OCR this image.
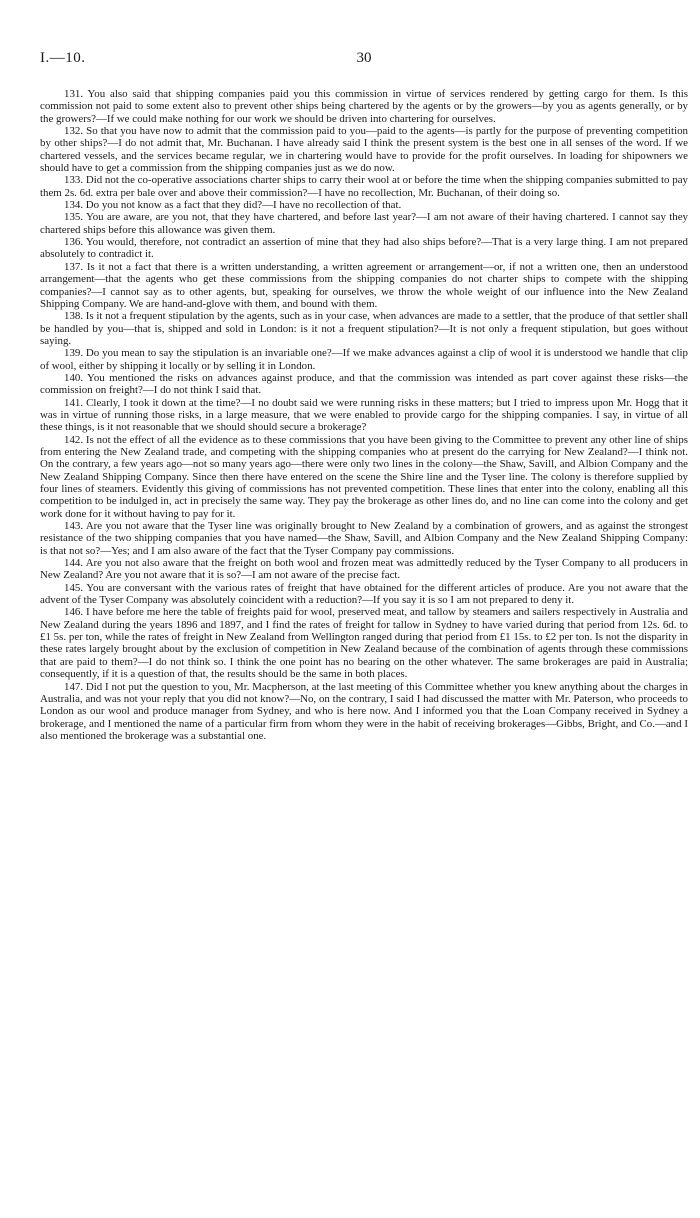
I.—10.	30

131. You also said that shipping companies paid you this commission in virtue of services rendered by getting cargo for them. Is this commission not paid to some extent also to prevent other ships being chartered by the agents or by the growers—by you as agents generally, or by the growers?—If we could make nothing for our work we should be driven into chartering for ourselves.

132. So that you have now to admit that the commission paid to you—paid to the agents—is partly for the purpose of preventing competition by other ships?—I do not admit that, Mr. Buchanan. I have already said I think the present system is the best one in all senses of the word. If we chartered vessels, and the services became regular, we in chartering would have to provide for the profit ourselves. In loading for shipowners we should have to get a commission from the shipping companies just as we do now.

133. Did not the co-operative associations charter ships to carry their wool at or before the time when the shipping companies submitted to pay them 2s. 6d. extra per bale over and above their commission?—I have no recollection, Mr. Buchanan, of their doing so.

134. Do you not know as a fact that they did?—I have no recollection of that.

135. You are aware, are you not, that they have chartered, and before last year?—I am not aware of their having chartered. I cannot say they chartered ships before this allowance was given them.

136. You would, therefore, not contradict an assertion of mine that they had also ships before?—That is a very large thing. I am not prepared absolutely to contradict it.

137. Is it not a fact that there is a written understanding, a written agreement or arrangement—or, if not a written one, then an understood arrangement—that the agents who get these commissions from the shipping companies do not charter ships to compete with the shipping companies?—I cannot say as to other agents, but, speaking for ourselves, we throw the whole weight of our influence into the New Zealand Shipping Company. We are hand-and-glove with them, and bound with them.

138. Is it not a frequent stipulation by the agents, such as in your case, when advances are made to a settler, that the produce of that settler shall be handled by you—that is, shipped and sold in London: is it not a frequent stipulation?—It is not only a frequent stipulation, but goes without saying.

139. Do you mean to say the stipulation is an invariable one?—If we make advances against a clip of wool it is understood we handle that clip of wool, either by shipping it locally or by selling it in London.

140. You mentioned the risks on advances against produce, and that the commission was intended as part cover against these risks—the commission on freight?—I do not think I said that.

141. Clearly, I took it down at the time?—I no doubt said we were running risks in these matters; but I tried to impress upon Mr. Hogg that it was in virtue of running those risks, in a large measure, that we were enabled to provide cargo for the shipping companies. I say, in virtue of all these things, is it not reasonable that we should should secure a brokerage?

142. Is not the effect of all the evidence as to these commissions that you have been giving to the Committee to prevent any other line of ships from entering the New Zealand trade, and competing with the shipping companies who at present do the carrying for New Zealand?—I think not. On the contrary, a few years ago—not so many years ago—there were only two lines in the colony—the Shaw, Savill, and Albion Company and the New Zealand Shipping Company. Since then there have entered on the scene the Shire line and the Tyser line. The colony is therefore supplied by four lines of steamers. Evidently this giving of commissions has not prevented competition. These lines that enter into the colony, enabling all this competition to be indulged in, act in precisely the same way. They pay the brokerage as other lines do, and no line can come into the colony and get work done for it without having to pay for it.

143. Are you not aware that the Tyser line was originally brought to New Zealand by a combination of growers, and as against the strongest resistance of the two shipping companies that you have named—the Shaw, Savill, and Albion Company and the New Zealand Shipping Company: is that not so?—Yes; and I am also aware of the fact that the Tyser Company pay commissions.

144. Are you not also aware that the freight on both wool and frozen meat was admittedly reduced by the Tyser Company to all producers in New Zealand? Are you not aware that it is so?—I am not aware of the precise fact.

145. You are conversant with the various rates of freight that have obtained for the different articles of produce. Are you not aware that the advent of the Tyser Company was absolutely coincident with a reduction?—If you say it is so I am not prepared to deny it.

146. I have before me here the table of freights paid for wool, preserved meat, and tallow by steamers and sailers respectively in Australia and New Zealand during the years 1896 and 1897, and I find the rates of freight for tallow in Sydney to have varied during that period from 12s. 6d. to £1 5s. per ton, while the rates of freight in New Zealand from Wellington ranged during that period from £1 15s. to £2 per ton. Is not the disparity in these rates largely brought about by the exclusion of competition in New Zealand because of the combination of agents through these commissions that are paid to them?—I do not think so. I think the one point has no bearing on the other whatever. The same brokerages are paid in Australia; consequently, if it is a question of that, the results should be the same in both places.

147. Did I not put the question to you, Mr. Macpherson, at the last meeting of this Committee whether you knew anything about the charges in Australia, and was not your reply that you did not know?—No, on the contrary, I said I had discussed the matter with Mr. Paterson, who proceeds to London as our wool and produce manager from Sydney, and who is here now. And I informed you that the Loan Company received in Sydney a brokerage, and I mentioned the name of a particular firm from whom they were in the habit of receiving brokerages—Gibbs, Bright, and Co.—and I also mentioned the brokerage was a substantial one.
